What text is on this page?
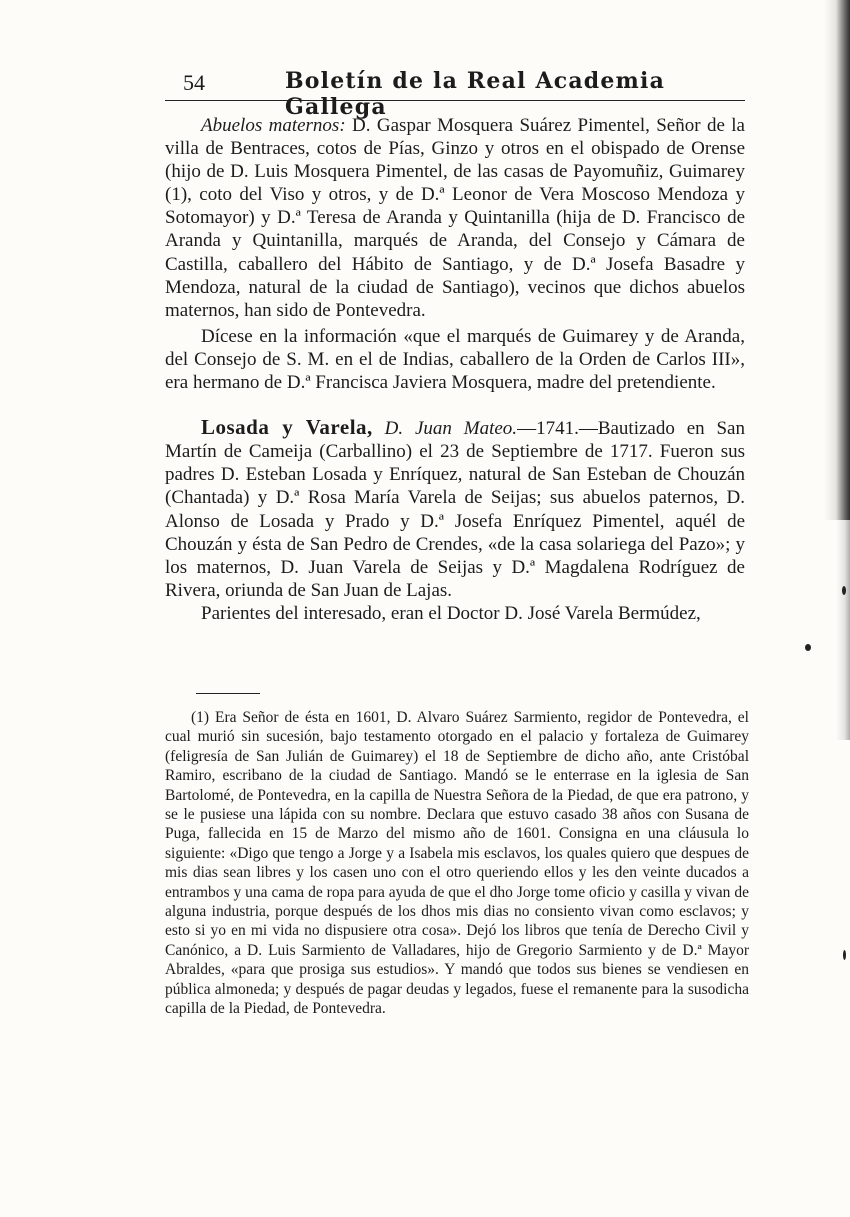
54	Boletín de la Real Academia Gallega

Abuelos maternos: D. Gaspar Mosquera Suárez Pimentel, Señor de la villa de Bentraces, cotos de Pías, Ginzo y otros en el obispado de Orense (hijo de D. Luis Mosquera Pimentel, de las casas de Payomuñiz, Guimarey (1), coto del Viso y otros, y de D.ª Leonor de Vera Moscoso Mendoza y Sotomayor) y D.ª Teresa de Aranda y Quintanilla (hija de D. Francisco de Aranda y Quintanilla, marqués de Aranda, del Consejo y Cámara de Castilla, caballero del Hábito de Santiago, y de D.ª Josefa Basadre y Mendoza, natural de la ciudad de Santiago), vecinos que dichos abuelos maternos, han sido de Pontevedra.

Dícese en la información «que el marqués de Guimarey y de Aranda, del Consejo de S. M. en el de Indias, caballero de la Orden de Carlos III», era hermano de D.ª Francisca Javiera Mosquera, madre del pretendiente.

Losada y Varela, D. Juan Mateo.—1741.—Bautizado en San Martín de Cameija (Carballino) el 23 de Septiembre de 1717. Fueron sus padres D. Esteban Losada y Enríquez, natural de San Esteban de Chouzán (Chantada) y D.ª Rosa María Varela de Seijas; sus abuelos paternos, D. Alonso de Losada y Prado y D.ª Josefa Enríquez Pimentel, aquél de Chouzán y ésta de San Pedro de Crendes, «de la casa solariega del Pazo»; y los maternos, D. Juan Varela de Seijas y D.ª Magdalena Rodríguez de Rivera, oriunda de San Juan de Lajas.

Parientes del interesado, eran el Doctor D. José Varela Bermúdez,

(1) Era Señor de ésta en 1601, D. Alvaro Suárez Sarmiento, regidor de Pontevedra, el cual murió sin sucesión, bajo testamento otorgado en el palacio y fortaleza de Guimarey (feligresía de San Julián de Guimarey) el 18 de Septiembre de dicho año, ante Cristóbal Ramiro, escribano de la ciudad de Santiago. Mandó se le enterrase en la iglesia de San Bartolomé, de Pontevedra, en la capilla de Nuestra Señora de la Piedad, de que era patrono, y se le pusiese una lápida con su nombre. Declara que estuvo casado 38 años con Susana de Puga, fallecida en 15 de Marzo del mismo año de 1601. Consigna en una cláusula lo siguiente: «Digo que tengo a Jorge y a Isabela mis esclavos, los quales quiero que despues de mis dias sean libres y los casen uno con el otro queriendo ellos y les den veinte ducados a entrambos y una cama de ropa para ayuda de que el dho Jorge tome oficio y casilla y vivan de alguna industria, porque después de los dhos mis dias no consiento vivan como esclavos; y esto si yo en mi vida no dispusiere otra cosa». Dejó los libros que tenía de Derecho Civil y Canónico, a D. Luis Sarmiento de Valladares, hijo de Gregorio Sarmiento y de D.ª Mayor Abraldes, «para que prosiga sus estudios». Y mandó que todos sus bienes se vendiesen en pública almoneda; y después de pagar deudas y legados, fuese el remanente para la susodicha capilla de la Piedad, de Pontevedra.
